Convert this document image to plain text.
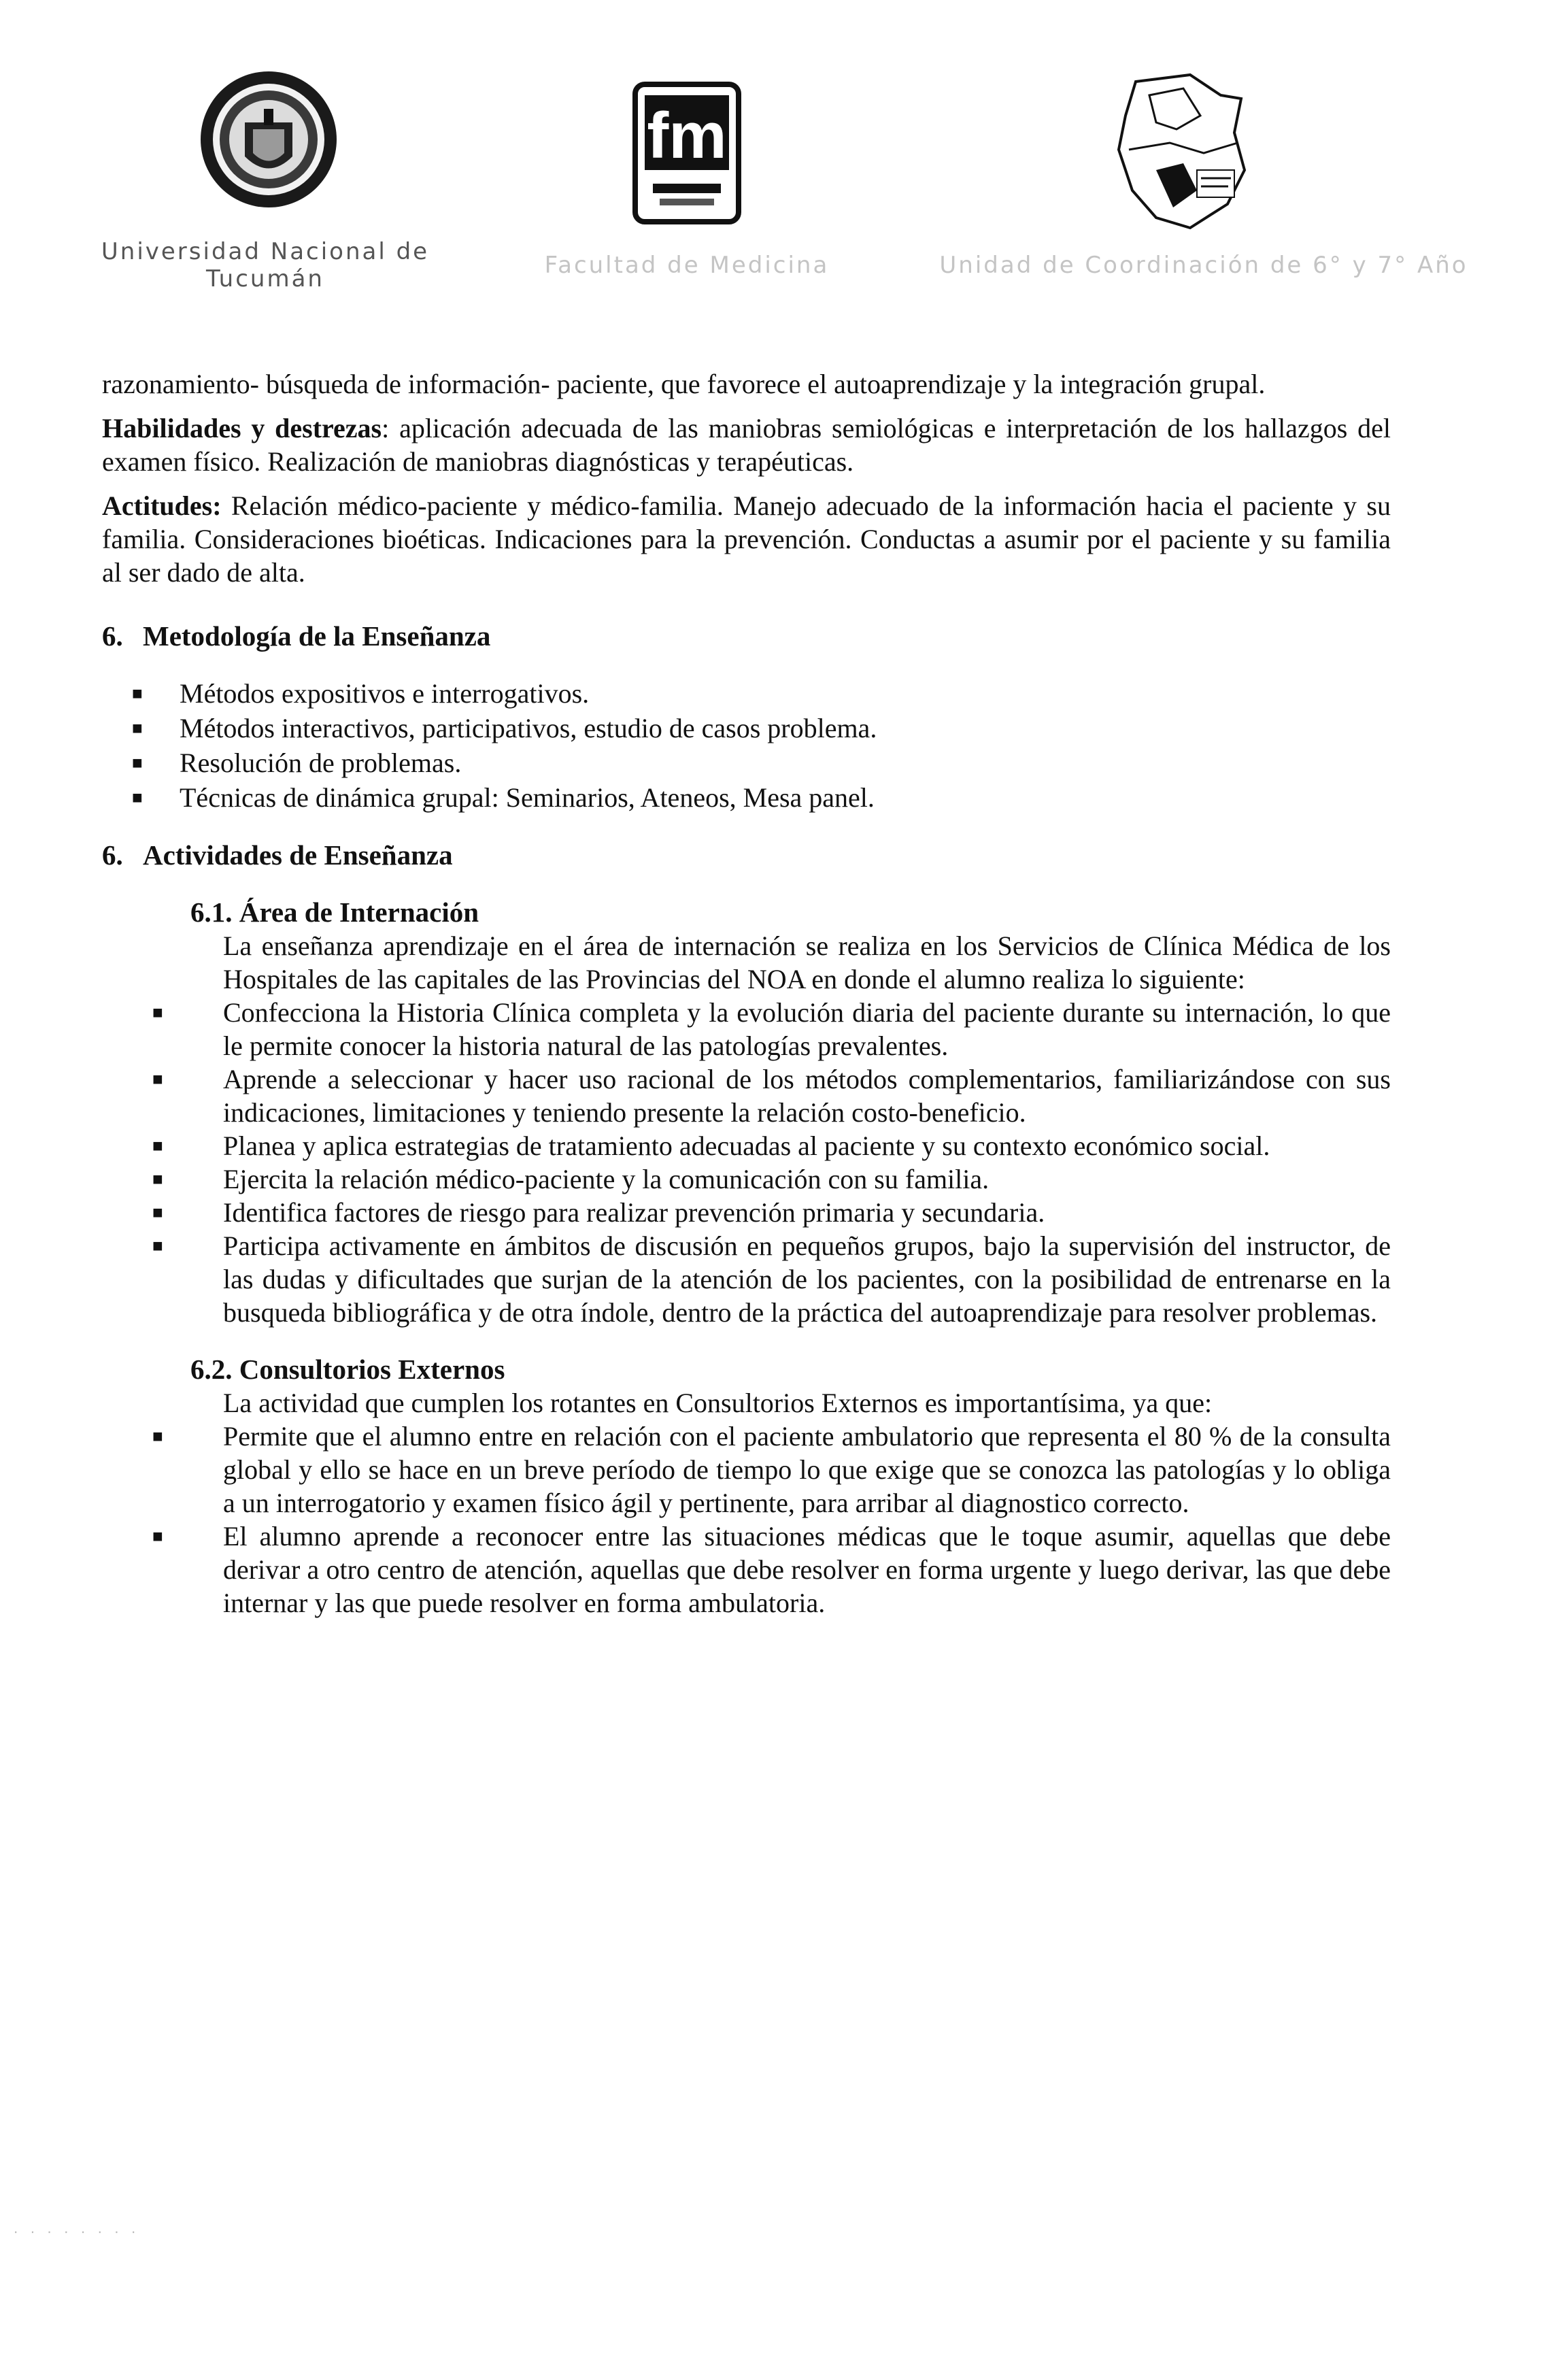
fm
Universidad Nacional de Tucumán	Facultad de Medicina	Unidad de Coordinación de 6° y 7° Año

razonamiento- búsqueda de información- paciente, que favorece el autoaprendizaje y la integración grupal.

Habilidades y destrezas: aplicación adecuada de las maniobras semiológicas e interpretación de los hallazgos del examen físico. Realización de maniobras diagnósticas y terapéuticas.

Actitudes: Relación médico-paciente y médico-familia. Manejo adecuado de la información hacia el paciente y su familia. Consideraciones bioéticas. Indicaciones para la prevención. Conductas a asumir por el paciente y su familia al ser dado de alta.

6. Metodología de la Enseñanza
■ Métodos expositivos e interrogativos.
■ Métodos interactivos, participativos, estudio de casos problema.
■ Resolución de problemas.
■ Técnicas de dinámica grupal: Seminarios, Ateneos, Mesa panel.
6. Actividades de Enseñanza
6.1. Área de Internación

La enseñanza aprendizaje en el área de internación se realiza en los Servicios de Clínica Médica de los Hospitales de las capitales de las Provincias del NOA en donde el alumno realiza lo siguiente:

■ Confecciona la Historia Clínica completa y la evolución diaria del paciente durante su internación, lo que le permite conocer la historia natural de las patologías prevalentes.
■ Aprende a seleccionar y hacer uso racional de los métodos complementarios, familiarizándose con sus indicaciones, limitaciones y teniendo presente la relación costo-beneficio.
■ Planea y aplica estrategias de tratamiento adecuadas al paciente y su contexto económico social.
■ Ejercita la relación médico-paciente y la comunicación con su familia.
■ Identifica factores de riesgo para realizar prevención primaria y secundaria.
■ Participa activamente en ámbitos de discusión en pequeños grupos, bajo la supervisión del instructor, de las dudas y dificultades que surjan de la atención de los pacientes, con la posibilidad de entrenarse en la busqueda bibliográfica y de otra índole, dentro de la práctica del autoaprendizaje para resolver problemas.
6.2. Consultorios Externos

La actividad que cumplen los rotantes en Consultorios Externos es importantísima, ya que:

■ Permite que el alumno entre en relación con el paciente ambulatorio que representa el 80 % de la consulta global y ello se hace en un breve período de tiempo lo que exige que se conozca las patologías y lo obliga a un interrogatorio y examen físico ágil y pertinente, para arribar al diagnostico correcto.
■ El alumno aprende a reconocer entre las situaciones médicas que le toque asumir, aquellas que debe derivar a otro centro de atención, aquellas que debe resolver en forma urgente y luego derivar, las que debe internar y las que puede resolver en forma ambulatoria.
· · · · · · · ·
